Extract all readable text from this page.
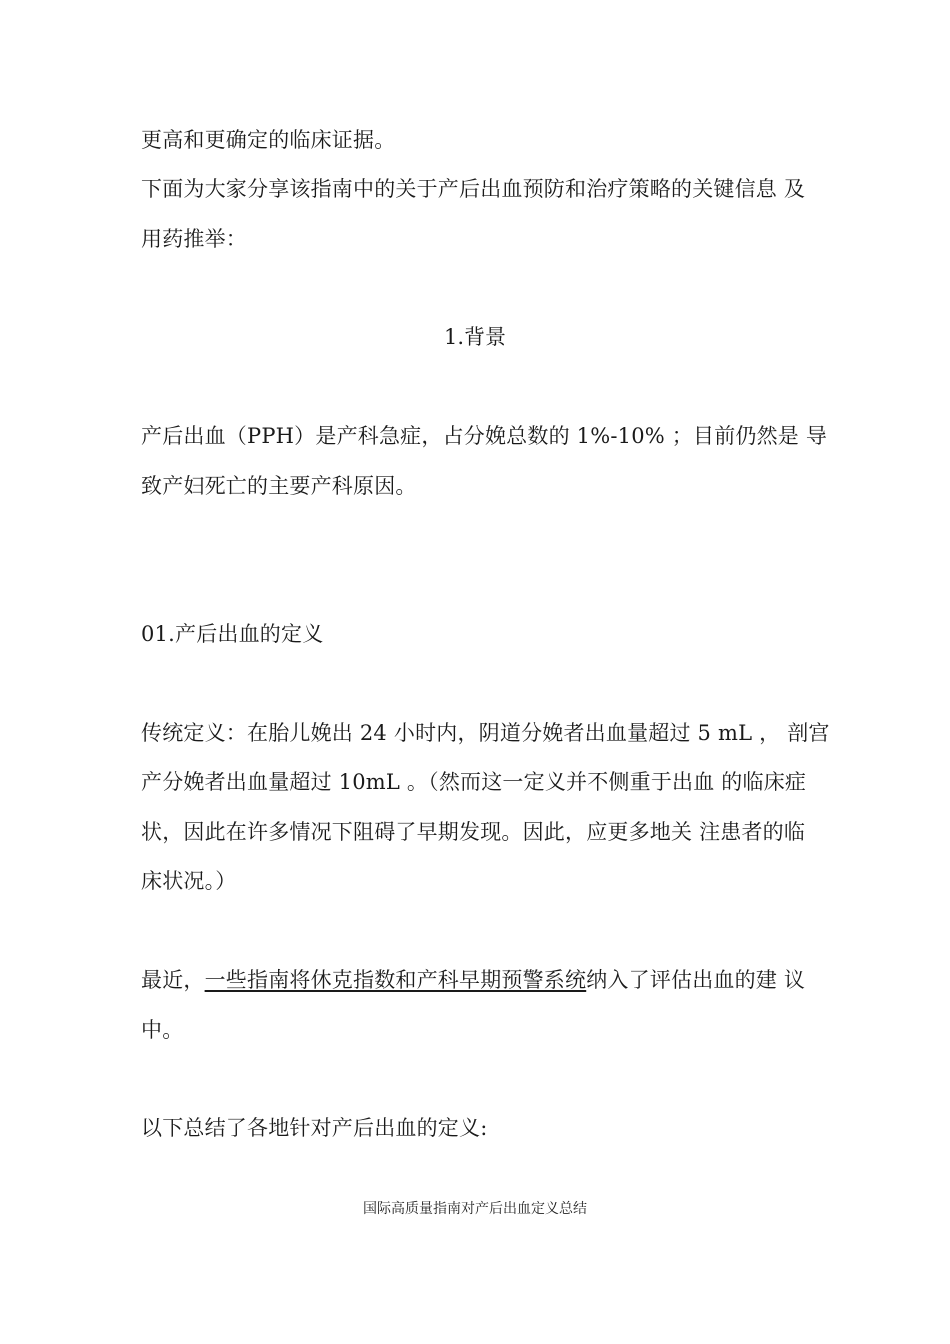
更高和更确定的临床证据。
下面为大家分享该指南中的关于产后出血预防和治疗策略的关键信息 及
用药推举：
1.背景
产后出血（PPH）是产科急症，占分娩总数的 1%-10% ；目前仍然是 导
致产妇死亡的主要产科原因。
01.产后出血的定义
传统定义：在胎儿娩出 24 小时内，阴道分娩者出血量超过 5 mL ， 剖宫
产分娩者出血量超过 10mL 。（然而这一定义并不侧重于出血 的临床症
状，因此在许多情况下阻碍了早期发现。因此，应更多地关 注患者的临
床状况。）
最近，一些指南将休克指数和产科早期预警系统纳入了评估出血的建 议
中。
以下总结了各地针对产后出血的定义:
国际高质量指南对产后出血定义总结
